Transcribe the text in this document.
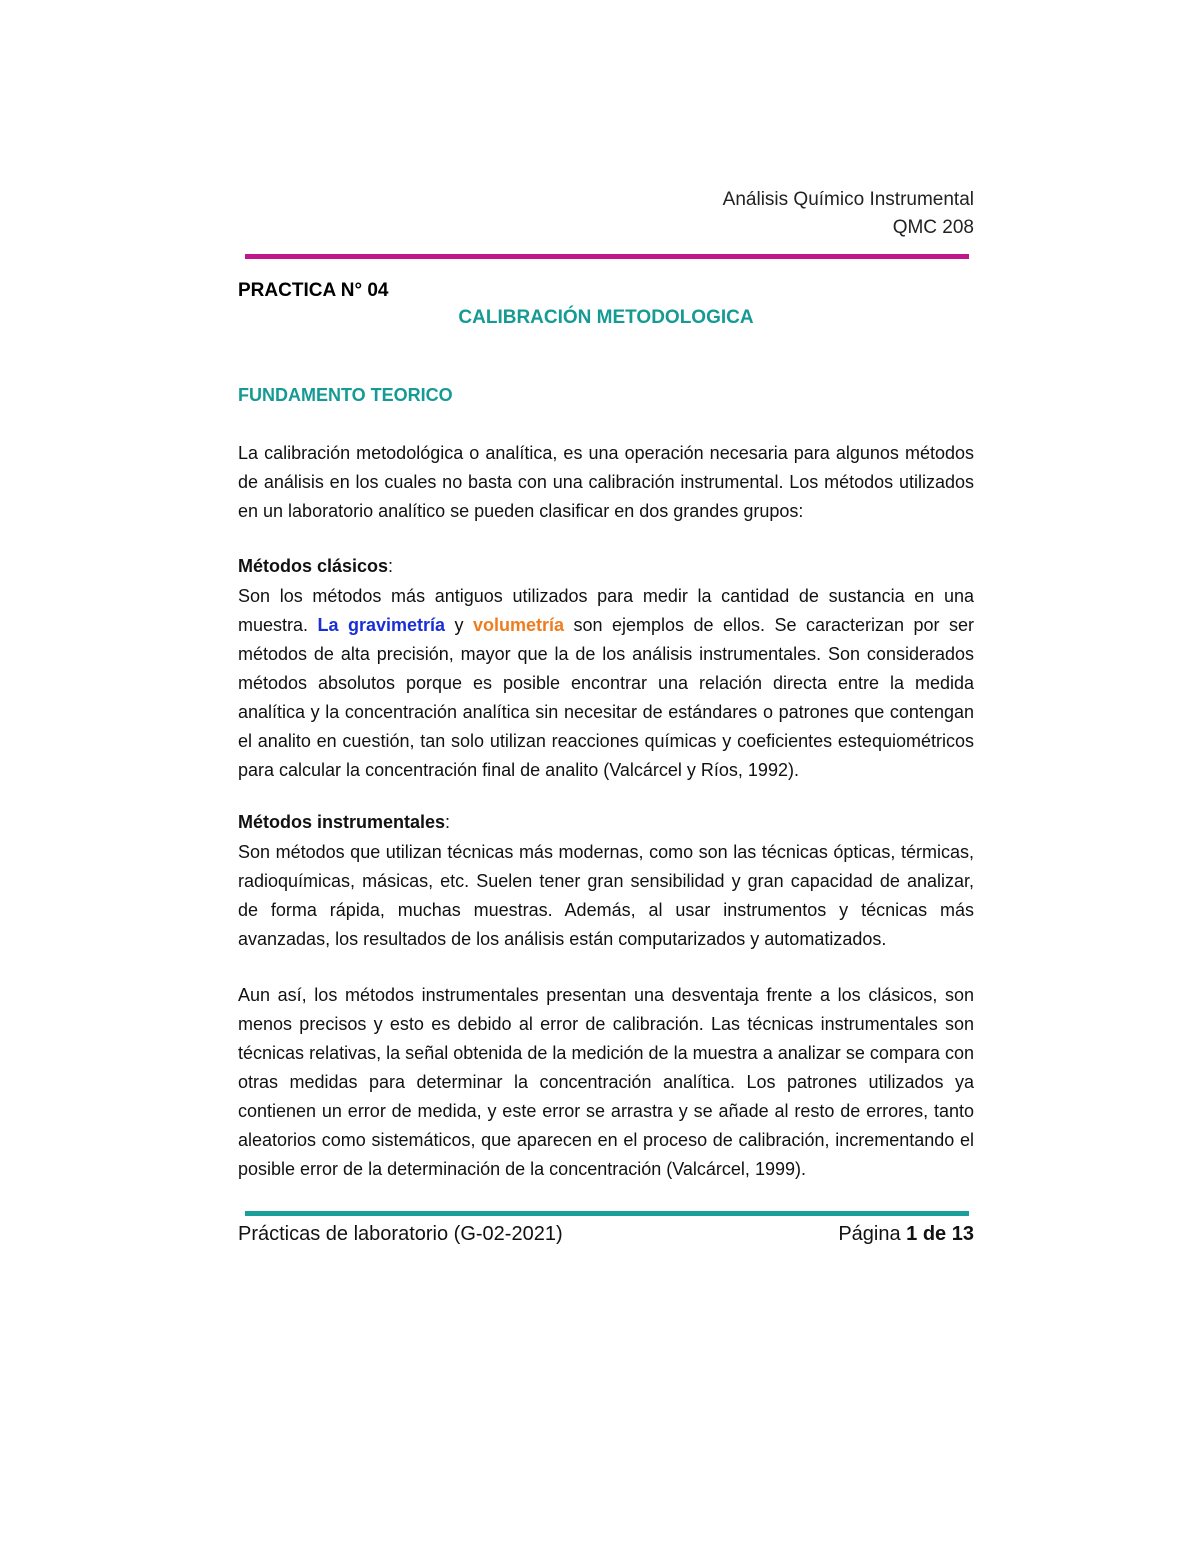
Análisis Químico Instrumental
QMC 208
PRACTICA N° 04
CALIBRACIÓN METODOLOGICA
FUNDAMENTO TEORICO

La calibración metodológica o analítica, es una operación necesaria para algunos métodos de análisis en los cuales no basta con una calibración instrumental. Los métodos utilizados en un laboratorio analítico se pueden clasificar en dos grandes grupos:

Métodos clásicos:

Son los métodos más antiguos utilizados para medir la cantidad de sustancia en una muestra. La gravimetría y volumetría son ejemplos de ellos. Se caracterizan por ser métodos de alta precisión, mayor que la de los análisis instrumentales. Son considerados métodos absolutos porque es posible encontrar una relación directa entre la medida analítica y la concentración analítica sin necesitar de estándares o patrones que contengan el analito en cuestión, tan solo utilizan reacciones químicas y coeficientes estequiométricos para calcular la concentración final de analito (Valcárcel y Ríos, 1992).

Métodos instrumentales:

Son métodos que utilizan técnicas más modernas, como son las técnicas ópticas, térmicas, radioquímicas, másicas, etc. Suelen tener gran sensibilidad y gran capacidad de analizar, de forma rápida, muchas muestras. Además, al usar instrumentos y técnicas más avanzadas, los resultados de los análisis están computarizados y automatizados.

Aun así, los métodos instrumentales presentan una desventaja frente a los clásicos, son menos precisos y esto es debido al error de calibración. Las técnicas instrumentales son técnicas relativas, la señal obtenida de la medición de la muestra a analizar se compara con otras medidas para determinar la concentración analítica. Los patrones utilizados ya contienen un error de medida, y este error se arrastra y se añade al resto de errores, tanto aleatorios como sistemáticos, que aparecen en el proceso de calibración, incrementando el posible error de la determinación de la concentración (Valcárcel, 1999).

Prácticas de laboratorio (G-02-2021)	Página 1 de 13
